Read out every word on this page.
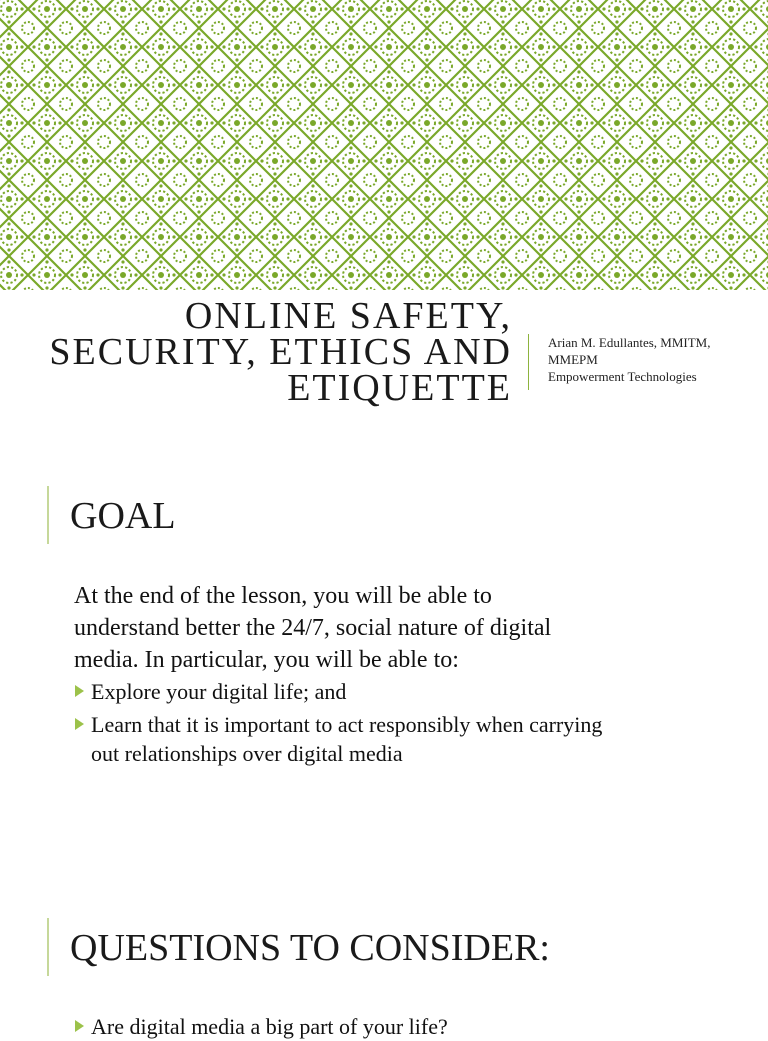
ONLINE SAFETY,
SECURITY, ETHICS AND
ETIQUETTE
Arian M. Edullantes, MMITM,
MMEPM
Empowerment Technologies
GOAL
At the end of the lesson, you will be able to
understand better the 24/7, social nature of digital
media. In particular, you will be able to:
Explore your digital life; and
Learn that it is important to act responsibly when carrying out relationships over digital media
QUESTIONS TO CONSIDER:
Are digital media a big part of your life?
